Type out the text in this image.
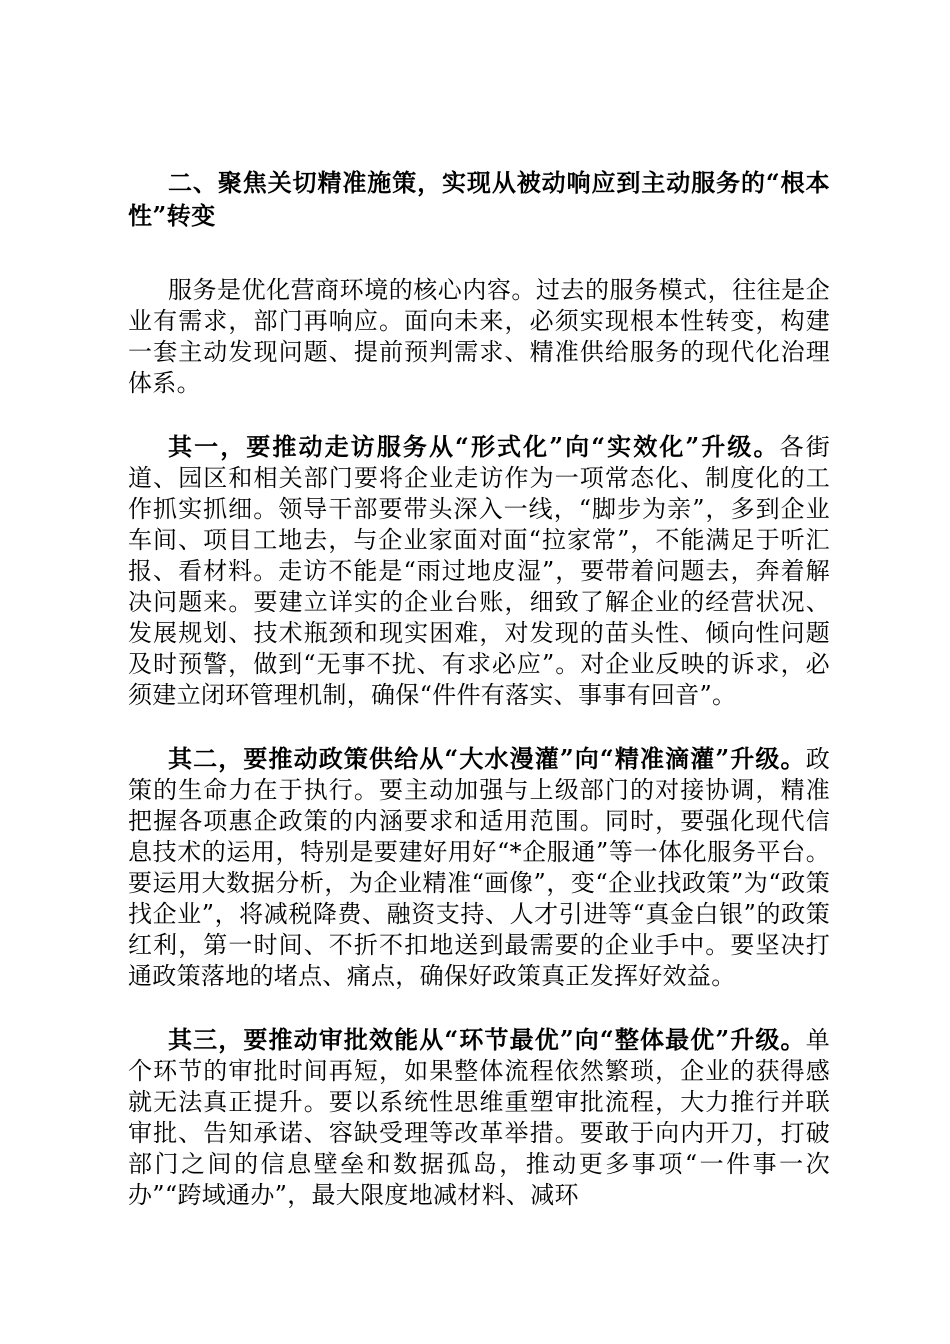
二、聚焦关切精准施策，实现从被动响应到主动服务的“根本性”转变

服务是优化营商环境的核心内容。过去的服务模式，往往是企业有需求，部门再响应。面向未来，必须实现根本性转变，构建一套主动发现问题、提前预判需求、精准供给服务的现代化治理体系。

其一，要推动走访服务从“形式化”向“实效化”升级。各街道、园区和相关部门要将企业走访作为一项常态化、制度化的工作抓实抓细。领导干部要带头深入一线，“脚步为亲”，多到企业车间、项目工地去，与企业家面对面“拉家常”，不能满足于听汇报、看材料。走访不能是“雨过地皮湿”，要带着问题去，奔着解决问题来。要建立详实的企业台账，细致了解企业的经营状况、发展规划、技术瓶颈和现实困难，对发现的苗头性、倾向性问题及时预警，做到“无事不扰、有求必应”。对企业反映的诉求，必须建立闭环管理机制，确保“件件有落实、事事有回音”。

其二，要推动政策供给从“大水漫灌”向“精准滴灌”升级。政策的生命力在于执行。要主动加强与上级部门的对接协调，精准把握各项惠企政策的内涵要求和适用范围。同时，要强化现代信息技术的运用，特别是要建好用好“*企服通”等一体化服务平台。要运用大数据分析，为企业精准“画像”，变“企业找政策”为“政策找企业”，将减税降费、融资支持、人才引进等“真金白银”的政策红利，第一时间、不折不扣地送到最需要的企业手中。要坚决打通政策落地的堵点、痛点，确保好政策真正发挥好效益。

其三，要推动审批效能从“环节最优”向“整体最优”升级。单个环节的审批时间再短，如果整体流程依然繁琐，企业的获得感就无法真正提升。要以系统性思维重塑审批流程，大力推行并联审批、告知承诺、容缺受理等改革举措。要敢于向内开刀，打破部门之间的信息壁垒和数据孤岛，推动更多事项“一件事一次办”“跨域通办”，最大限度地减材料、减环
